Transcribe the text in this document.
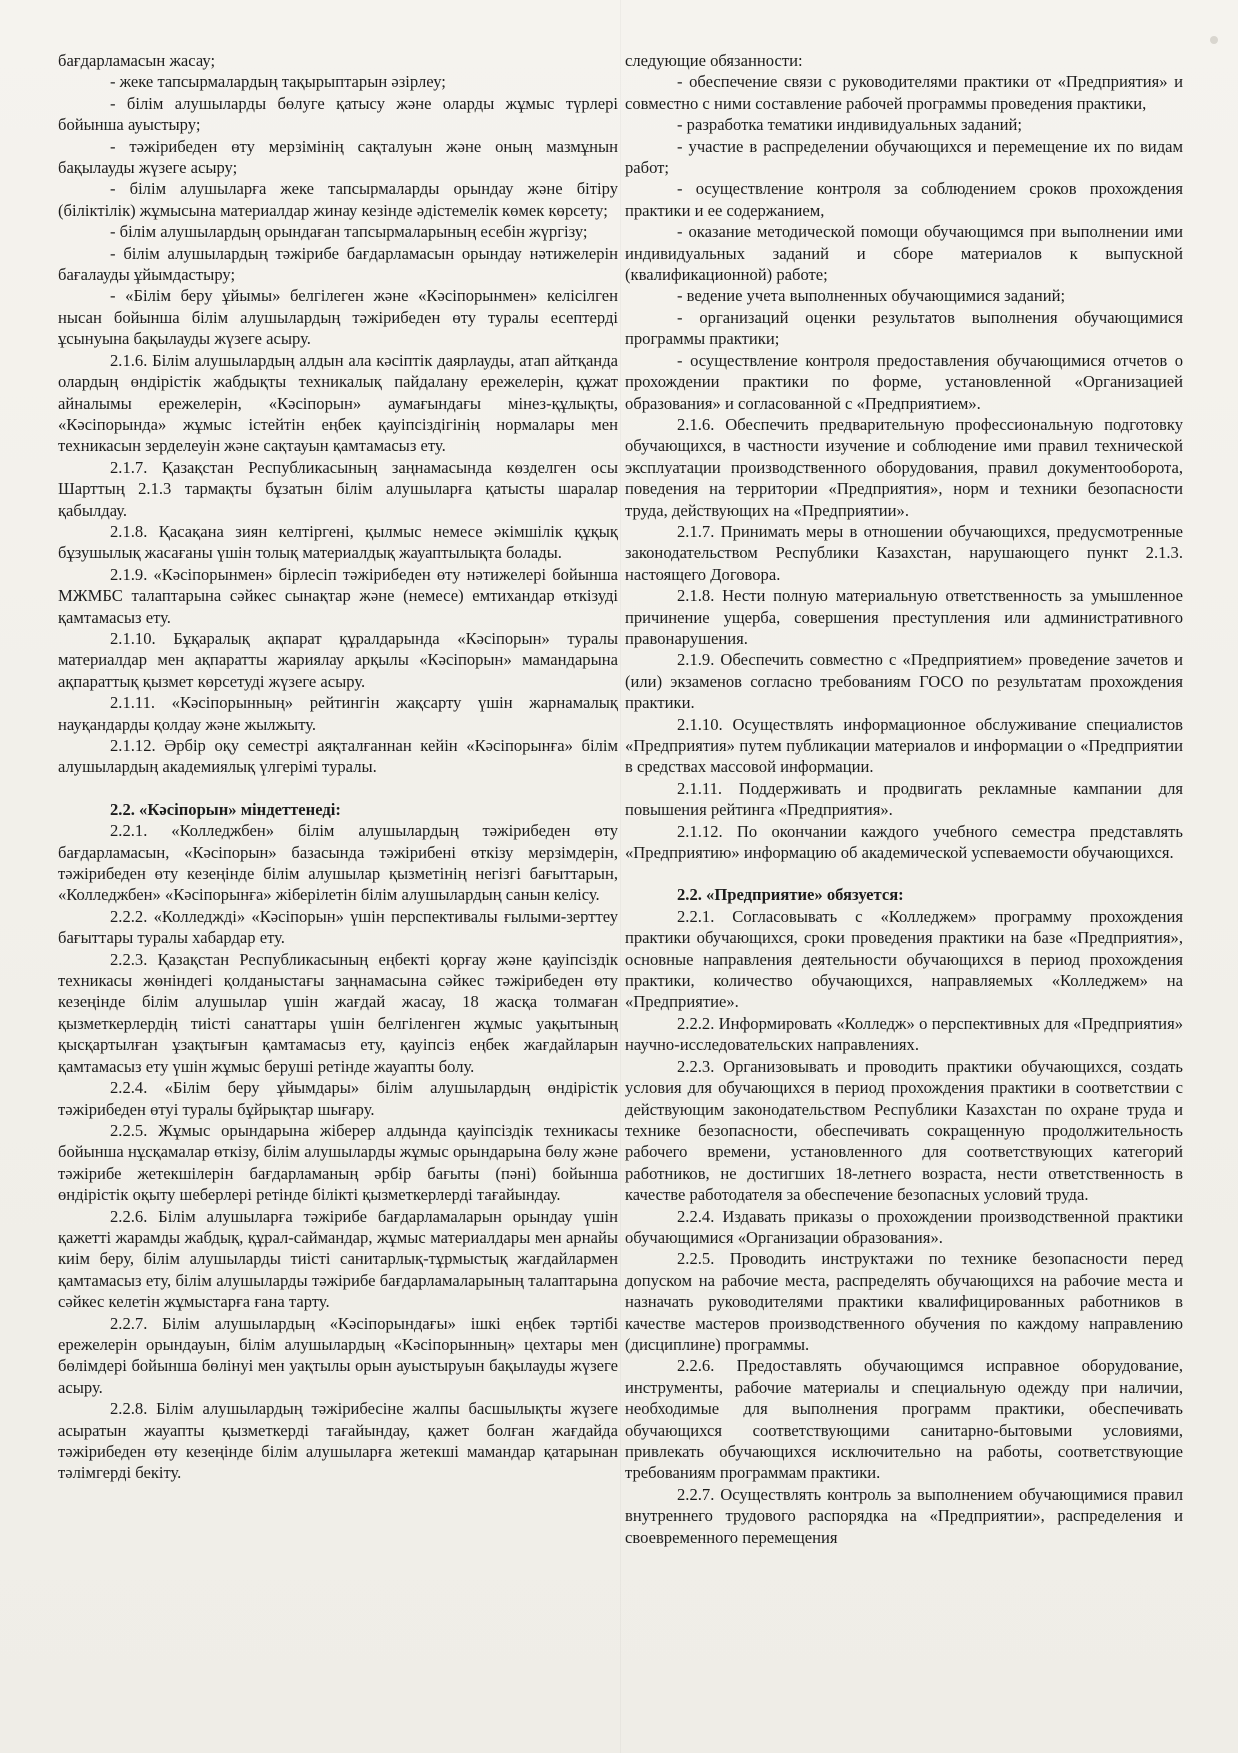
бағдарламасын жасау;

- жеке тапсырмалардың тақырыптарын әзірлеу;

- білім алушыларды бөлуге қатысу және оларды жұмыс түрлері бойынша ауыстыру;

- тәжірибеден өту мерзімінің сақталуын және оның мазмұнын бақылауды жүзеге асыру;

- білім алушыларға жеке тапсырмаларды орындау және бітіру (біліктілік) жұмысына материалдар жинау кезінде әдістемелік көмек көрсету;

- білім алушылардың орындаған тапсырмаларының есебін жүргізу;

- білім алушылардың тәжірибе бағдарламасын орындау нәтижелерін бағалауды ұйымдастыру;

- «Білім беру ұйымы» белгілеген және «Кәсіпорынмен» келісілген нысан бойынша білім алушылардың тәжірибеден өту туралы есептерді ұсынуына бақылауды жүзеге асыру.

2.1.6. Білім алушылардың алдын ала кәсіптік даярлауды, атап айтқанда олардың өндірістік жабдықты техникалық пайдалану ережелерін, құжат айналымы ережелерін, «Кәсіпорын» аумағындағы мінез-құлықты, «Кәсіпорында» жұмыс істейтін еңбек қауіпсіздігінің нормалары мен техникасын зерделеуін және сақтауын қамтамасыз ету.

2.1.7. Қазақстан Республикасының заңнамасында көзделген осы Шарттың 2.1.3 тармақты бұзатын білім алушыларға қатысты шаралар қабылдау.

2.1.8. Қасақана зиян келтіргені, қылмыс немесе әкімшілік құқық бұзушылық жасағаны үшін толық материалдық жауаптылықта болады.

2.1.9. «Кәсіпорынмен» бірлесіп тәжірибеден өту нәтижелері бойынша МЖМБС талаптарына сәйкес сынақтар және (немесе) емтихандар өткізуді қамтамасыз ету.

2.1.10. Бұқаралық ақпарат құралдарында «Кәсіпорын» туралы материалдар мен ақпаратты жариялау арқылы «Кәсіпорын» мамандарына ақпараттық қызмет көрсетуді жүзеге асыру.

2.1.11. «Кәсіпорынның» рейтингін жақсарту үшін жарнамалық науқандарды қолдау және жылжыту.

2.1.12. Әрбір оқу семестрі аяқталғаннан кейін «Кәсіпорынға» білім алушылардың академиялық үлгерімі туралы.

2.2. «Кәсіпорын» міндеттенеді:

2.2.1. «Колледжбен» білім алушылардың тәжірибеден өту бағдарламасын, «Кәсіпорын» базасында тәжірибені өткізу мерзімдерін, тәжірибеден өту кезеңінде білім алушылар қызметінің негізгі бағыттарын, «Колледжбен» «Кәсіпорынға» жіберілетін білім алушылардың санын келісу.

2.2.2. «Колледжді» «Кәсіпорын» үшін перспективалы ғылыми-зерттеу бағыттары туралы хабардар ету.

2.2.3. Қазақстан Республикасының еңбекті қорғау және қауіпсіздік техникасы жөніндегі қолданыстағы заңнамасына сәйкес тәжірибеден өту кезеңінде білім алушылар үшін жағдай жасау, 18 жасқа толмаған қызметкерлердің тиісті санаттары үшін белгіленген жұмыс уақытының қысқартылған ұзақтығын қамтамасыз ету, қауіпсіз еңбек жағдайларын қамтамасыз ету үшін жұмыс беруші ретінде жауапты болу.

2.2.4. «Білім беру ұйымдары» білім алушылардың өндірістік тәжірибеден өтуі туралы бұйрықтар шығару.

2.2.5. Жұмыс орындарына жіберер алдында қауіпсіздік техникасы бойынша нұсқамалар өткізу, білім алушыларды жұмыс орындарына бөлу және тәжірибе жетекшілерін бағдарламаның әрбір бағыты (пәні) бойынша өндірістік оқыту шеберлері ретінде білікті қызметкерлерді тағайындау.

2.2.6. Білім алушыларға тәжірибе бағдарламаларын орындау үшін қажетті жарамды жабдық, құрал-саймандар, жұмыс материалдары мен арнайы киім беру, білім алушыларды тиісті санитарлық-тұрмыстық жағдайлармен қамтамасыз ету, білім алушыларды тәжірибе бағдарламаларының талаптарына сәйкес келетін жұмыстарға ғана тарту.

2.2.7. Білім алушылардың «Кәсіпорындағы» ішкі еңбек тәртібі ережелерін орындауын, білім алушылардың «Кәсіпорынның» цехтары мен бөлімдері бойынша бөлінуі мен уақтылы орын ауыстыруын бақылауды жүзеге асыру.

2.2.8. Білім алушылардың тәжірибесіне жалпы басшылықты жүзеге асыратын жауапты қызметкерді тағайындау, қажет болған жағдайда тәжірибеден өту кезеңінде білім алушыларға жетекші мамандар қатарынан тәлімгерді бекіту.

следующие обязанности:

- обеспечение связи с руководителями практики от «Предприятия» и совместно с ними составление рабочей программы проведения практики,

- разработка тематики индивидуальных заданий;

- участие в распределении обучающихся и перемещение их по видам работ;

- осуществление контроля за соблюдением сроков прохождения практики и ее содержанием,

- оказание методической помощи обучающимся при выполнении ими индивидуальных заданий и сборе материалов к выпускной (квалификационной) работе;

- ведение учета выполненных обучающимися заданий;

- организаций оценки результатов выполнения обучающимися программы практики;

- осуществление контроля предоставления обучающимися отчетов о прохождении практики по форме, установленной «Организацией образования» и согласованной с «Предприятием».

2.1.6. Обеспечить предварительную профессиональную подготовку обучающихся, в частности изучение и соблюдение ими правил технической эксплуатации производственного оборудования, правил документооборота, поведения на территории «Предприятия», норм и техники безопасности труда, действующих на «Предприятии».

2.1.7. Принимать меры в отношении обучающихся, предусмотренные законодательством Республики Казахстан, нарушающего пункт 2.1.3. настоящего Договора.

2.1.8. Нести полную материальную ответственность за умышленное причинение ущерба, совершения преступления или административного правонарушения.

2.1.9. Обеспечить совместно с «Предприятием» проведение зачетов и (или) экзаменов согласно требованиям ГОСО по результатам прохождения практики.

2.1.10. Осуществлять информационное обслуживание специалистов «Предприятия» путем публикации материалов и информации о «Предприятии в средствах массовой информации.

2.1.11. Поддерживать и продвигать рекламные кампании для повышения рейтинга «Предприятия».

2.1.12. По окончании каждого учебного семестра представлять «Предприятию» информацию об академической успеваемости обучающихся.

2.2. «Предприятие» обязуется:

2.2.1. Согласовывать с «Колледжем» программу прохождения практики обучающихся, сроки проведения практики на базе «Предприятия», основные направления деятельности обучающихся в период прохождения практики, количество обучающихся, направляемых «Колледжем» на «Предприятие».

2.2.2. Информировать «Колледж» о перспективных для «Предприятия» научно-исследовательских направлениях.

2.2.3. Организовывать и проводить практики обучающихся, создать условия для обучающихся в период прохождения практики в соответствии с действующим законодательством Республики Казахстан по охране труда и технике безопасности, обеспечивать сокращенную продолжительность рабочего времени, установленного для соответствующих категорий работников, не достигших 18-летнего возраста, нести ответственность в качестве работодателя за обеспечение безопасных условий труда.

2.2.4. Издавать приказы о прохождении производственной практики обучающимися «Организации образования».

2.2.5. Проводить инструктажи по технике безопасности перед допуском на рабочие места, распределять обучающихся на рабочие места и назначать руководителями практики квалифицированных работников в качестве мастеров производственного обучения по каждому направлению (дисциплине) программы.

2.2.6. Предоставлять обучающимся исправное оборудование, инструменты, рабочие материалы и специальную одежду при наличии, необходимые для выполнения программ практики, обеспечивать обучающихся соответствующими санитарно-бытовыми условиями, привлекать обучающихся исключительно на работы, соответствующие требованиям программам практики.

2.2.7. Осуществлять контроль за выполнением обучающимися правил внутреннего трудового распорядка на «Предприятии», распределения и своевременного перемещения
